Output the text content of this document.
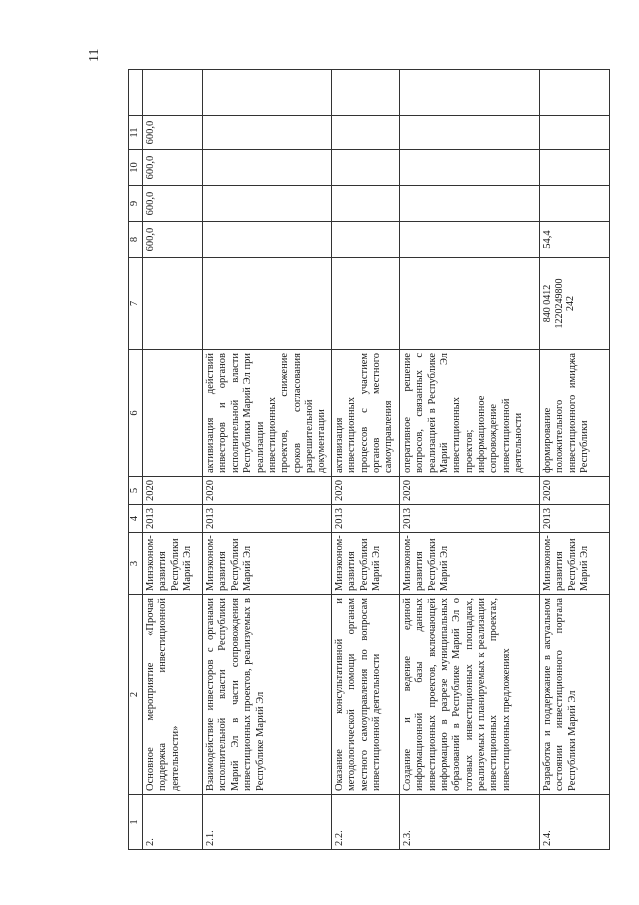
11
1	2	3	4	5	6	7	8	9	10	11	
2.	Основное мероприятие «Прочая поддержка инвестиционной деятельности»	Минэконом-развития Республики Марий Эл	2013	2020			600,0	600,0	600,0	600,0	
2.1.	Взаимодействие инвесторов с органами исполнительной власти Республики Марий Эл в части сопровождения инвестиционных проектов, реализуемых в Республике Марий Эл	Минэконом-развития Республики Марий Эл	2013	2020	активизация действий инвесторов и органов исполнительной власти Республики Марий Эл при реализации инвестиционных проектов, снижение сроков согласования разрешительной документации	

2.2.	Оказание консультативной и методологической помощи органам местного самоуправления по вопросам инвестиционной деятельности	Минэконом-развития Республики Марий Эл	2013	2020	активизация инвестиционных процессов с участием органов местного самоуправления	

2.3.	Создание и ведение единой информационной базы данных инвестиционных проектов, включающей информацию в разрезе муниципальных образований в Республике Марий Эл о готовых инвестиционных площадках, реализуемых и планируемых к реализации инвестиционных проектах, инвестиционных предложениях	Минэконом-развития Республики Марий Эл	2013	2020	оперативное решение вопросов, связанных с реализацией в Республике Марий Эл инвестиционных проектов; информационное сопровождение инвестиционной деятельности	

2.4.	Разработка и поддержание в актуальном состоянии инвестиционного портала Республики Марий Эл	Минэконом-развития Республики Марий Эл	2013	2020	формирование положительного инвестиционного имиджа Республики	840 0412 1220249800 242	54,4				
